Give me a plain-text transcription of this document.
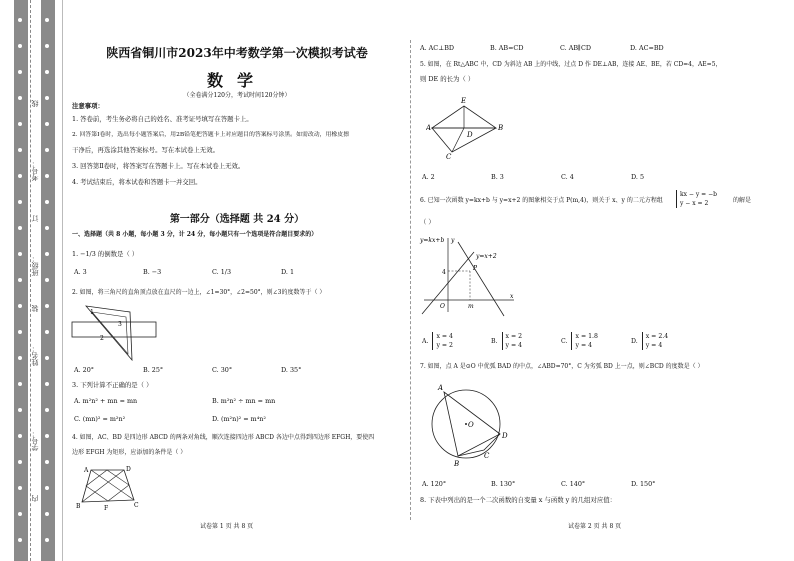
线
考号：
订
班级：
装
姓名：
学号：
内
陕西省铜川市2023年中考数学第一次模拟考试卷
数学
（全卷满分120分，考试时间120分钟）
注意事项：
1. 答卷前，考生务必将自己的姓名、准考证号填写在答题卡上。
2. 回答第Ⅰ卷时，选出每小题答案后，用2B铅笔把答题卡上对应题目的答案标号涂黑。如需改动，用橡皮擦
干净后，再选涂其他答案标号。写在本试卷上无效。
3. 回答第Ⅱ卷时，将答案写在答题卡上。写在本试卷上无效。
4. 考试结束后，将本试卷和答题卡一并交回。
第一部分（选择题 共 24 分）
一、选择题（共 8 小题，每小题 3 分，计 24 分，每小题只有一个选项是符合题目要求的）
1. −1/3 的倒数是（ ）
A. 3	B. −3	C. 1/3	D. 1
2. 如图，将三角尺的直角顶点放在直尺的一边上，∠1=30°，∠2=50°，则∠3的度数等于（ ）
1
3
2
A. 20°	B. 25°	C. 30°	D. 35°
3. 下列计算不正确的是（ ）
A. m²n² + mn = mn	B. m²n² ÷ mn = mn
C. (mn)² = m²n²	D. (m²n)² = m⁴n²
4. 如图，AC、BD 是四边形 ABCD 的两条对角线，顺次连接四边形 ABCD 各边中点得到四边形 EFGH，要使四
边形 EFGH 为矩形，应添加的条件是（ ）
A	D
B	C
F
试卷第 1 页 共 8 页
A. AC⊥BD	B. AB=CD	C. AB∥CD	D. AC=BD
5. 如图，在 Rt△ABC 中，CD 为斜边 AB 上的中线，过点 D 作 DE⊥AB，连接 AE、BE，若 CD=4，AE=5，
则 DE 的长为（ ）
A
E
B
D
C
A. 2	B. 3	C. 4	D. 5
6. 已知一次函数 y=kx+b 与 y=x+2 的图象相交于点 P(m,4)，则关于 x、y 的二元方程组
kx − y = −b
y − x = 2	的解是
（ ）
y=kx+b
y=x+2
P
4
O	m
x
y
A.
x = 4
y = 2
B.
x = 2
y = 4
C.
x = 1.8
y = 4
D.
x = 2.4
y = 4
7. 如图，点 A 是⊙O 中优弧 BAD 的中点，∠ABD=70°，C 为劣弧 BD 上一点，则∠BCD 的度数是（ ）
A
O
D
C
B
A. 120°	B. 130°	C. 140°	D. 150°
8. 下表中列出的是一个二次函数的自变量 x 与函数 y 的几组对应值：
试卷第 2 页 共 8 页
